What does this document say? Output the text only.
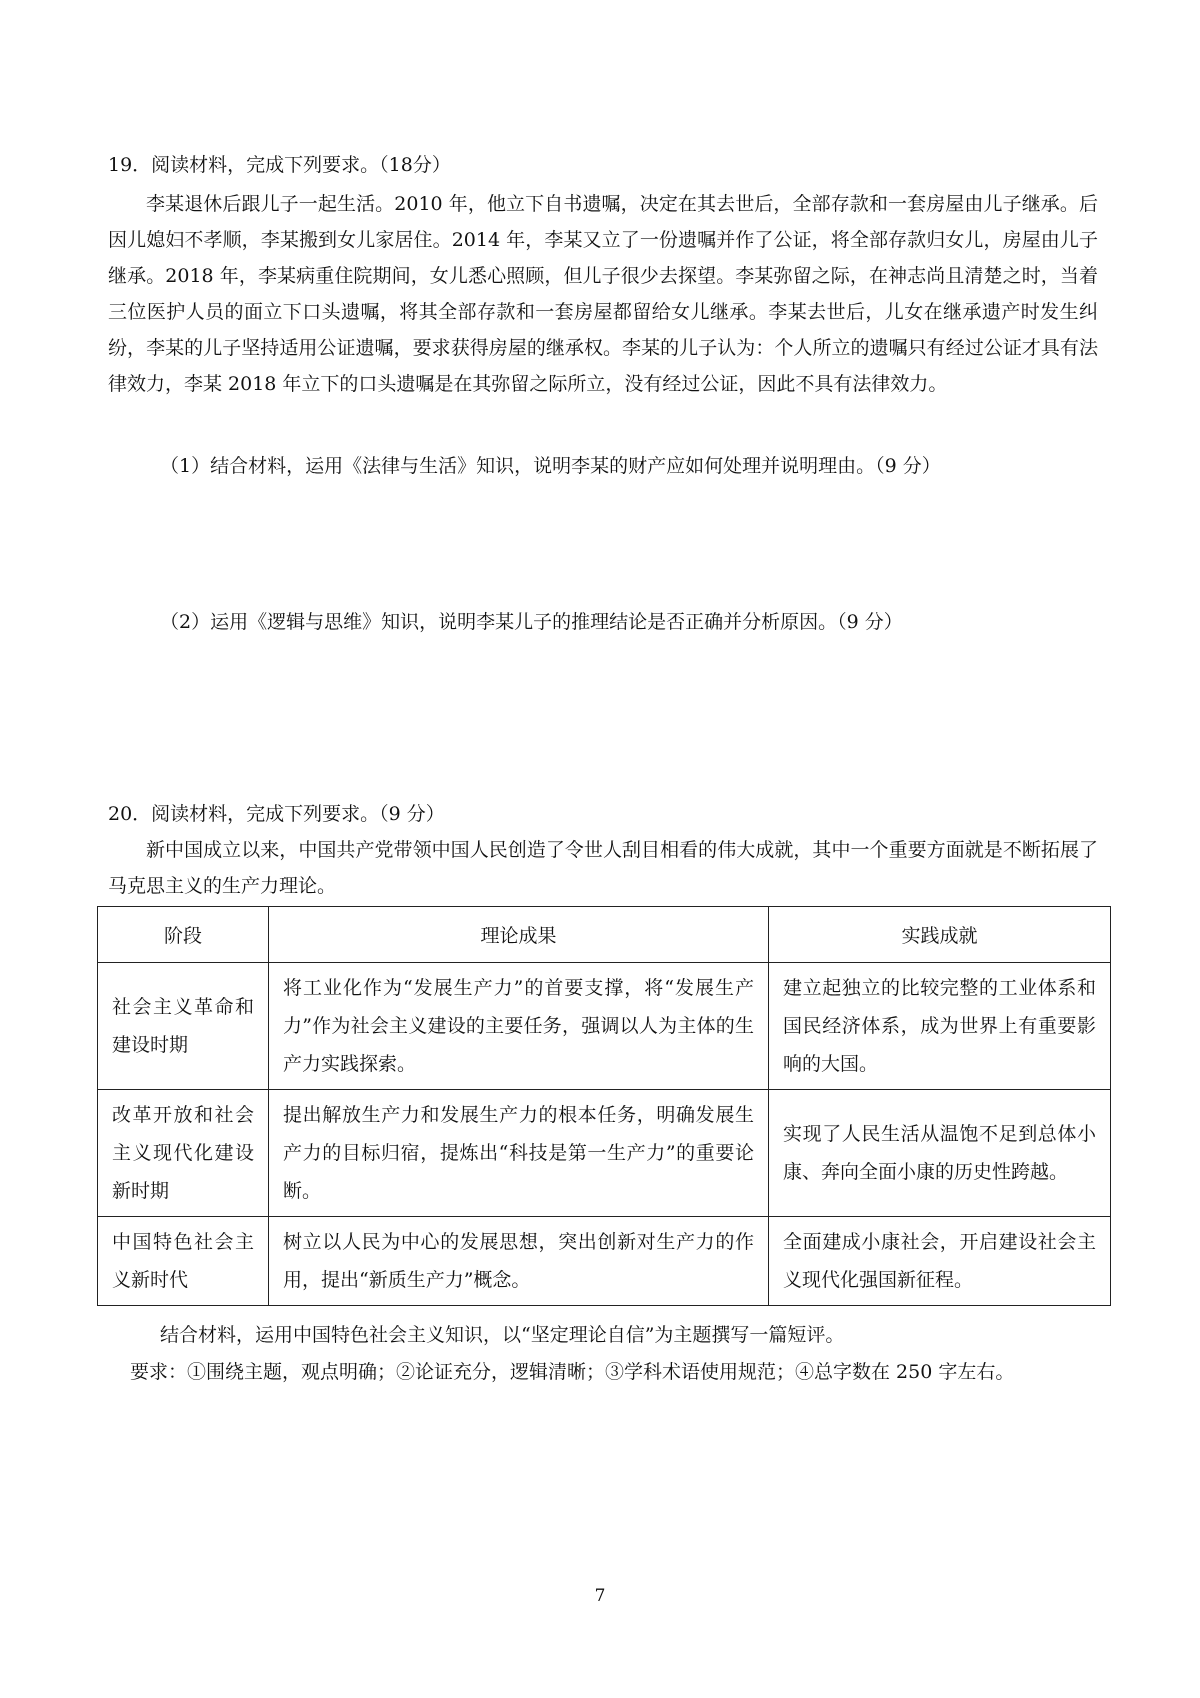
19．阅读材料，完成下列要求。（18分）

李某退休后跟儿子一起生活。2010 年，他立下自书遗嘱，决定在其去世后，全部存款和一套房屋由儿子继承。后因儿媳妇不孝顺，李某搬到女儿家居住。2014 年，李某又立了一份遗嘱并作了公证，将全部存款归女儿，房屋由儿子继承。2018 年，李某病重住院期间，女儿悉心照顾，但儿子很少去探望。李某弥留之际，在神志尚且清楚之时，当着三位医护人员的面立下口头遗嘱，将其全部存款和一套房屋都留给女儿继承。李某去世后，儿女在继承遗产时发生纠纷，李某的儿子坚持适用公证遗嘱，要求获得房屋的继承权。李某的儿子认为：个人所立的遗嘱只有经过公证才具有法律效力，李某 2018 年立下的口头遗嘱是在其弥留之际所立，没有经过公证，因此不具有法律效力。

（1）结合材料，运用《法律与生活》知识，说明李某的财产应如何处理并说明理由。（9 分）

（2）运用《逻辑与思维》知识，说明李某儿子的推理结论是否正确并分析原因。（9 分）

20．阅读材料，完成下列要求。（9 分）

新中国成立以来，中国共产党带领中国人民创造了令世人刮目相看的伟大成就，其中一个重要方面就是不断拓展了马克思主义的生产力理论。

阶段	理论成果	实践成就
社会主义革命和建设时期	将工业化作为“发展生产力”的首要支撑，将“发展生产力”作为社会主义建设的主要任务，强调以人为主体的生产力实践探索。	建立起独立的比较完整的工业体系和国民经济体系，成为世界上有重要影响的大国。
改革开放和社会主义现代化建设新时期	提出解放生产力和发展生产力的根本任务，明确发展生产力的目标归宿，提炼出“科技是第一生产力”的重要论断。	实现了人民生活从温饱不足到总体小康、奔向全面小康的历史性跨越。
中国特色社会主义新时代	树立以人民为中心的发展思想，突出创新对生产力的作用，提出“新质生产力”概念。	全面建成小康社会，开启建设社会主义现代化强国新征程。

结合材料，运用中国特色社会主义知识，以“坚定理论自信”为主题撰写一篇短评。

要求：①围绕主题，观点明确；②论证充分，逻辑清晰；③学科术语使用规范；④总字数在 250 字左右。

7
